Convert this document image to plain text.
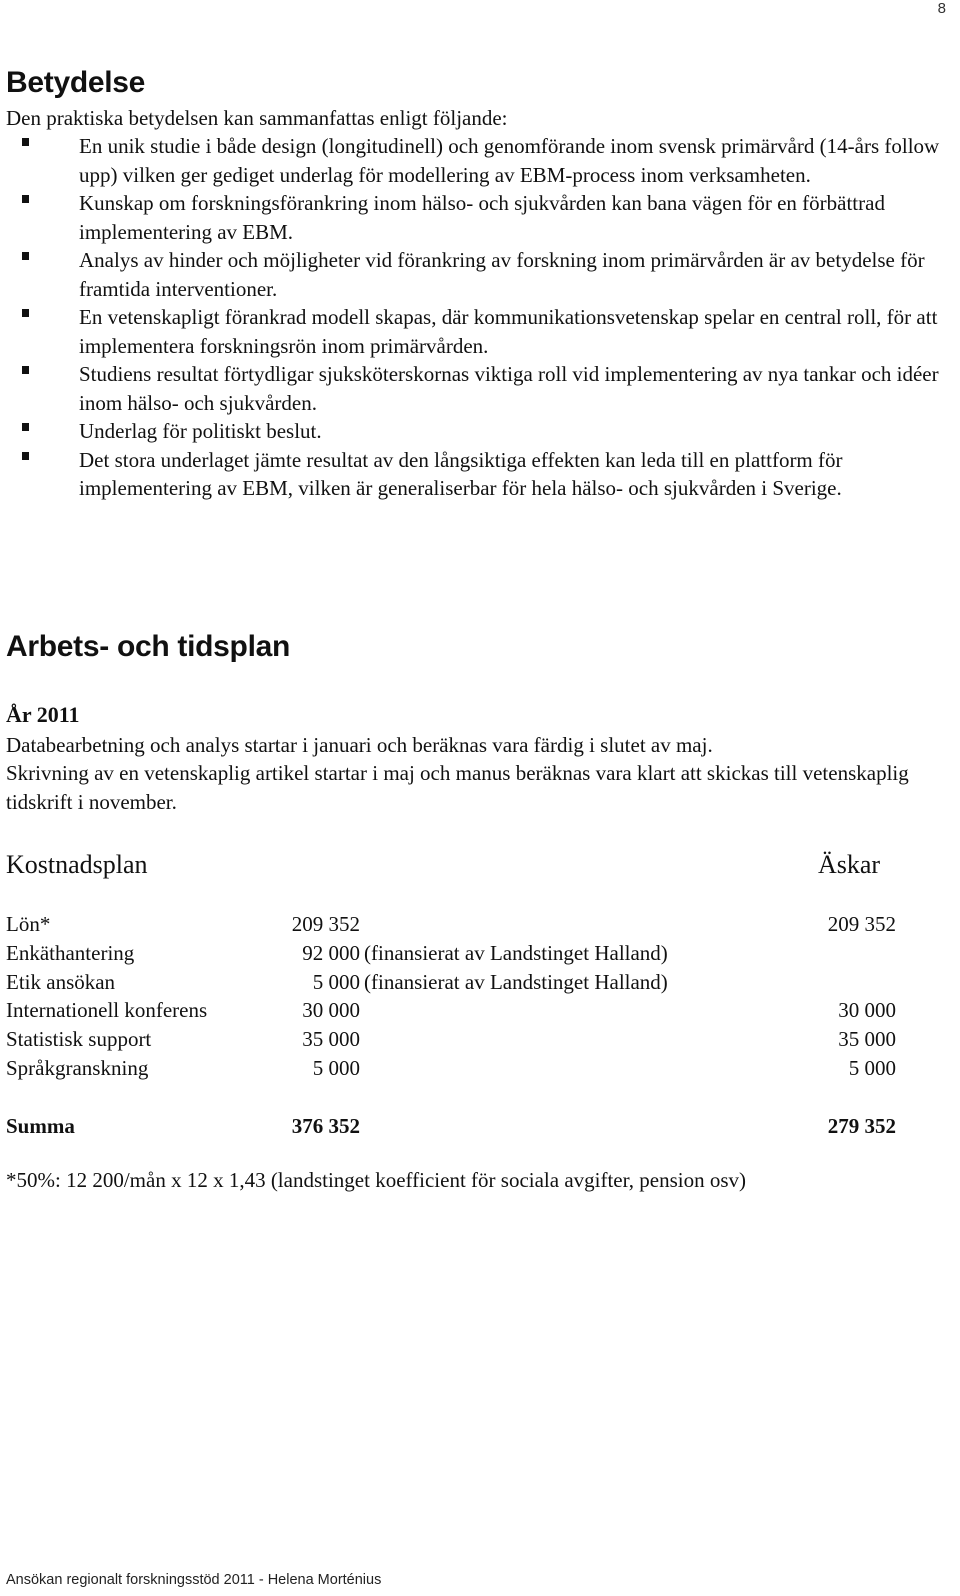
8
Betydelse

Den praktiska betydelsen kan sammanfattas enligt följande:

En unik studie i både design (longitudinell) och genomförande inom svensk primärvård (14-års follow upp) vilken ger gediget underlag för modellering av EBM-process inom verksamheten.
Kunskap om forskningsförankring inom hälso- och sjukvården kan bana vägen för en förbättrad implementering av EBM.
Analys av hinder och möjligheter vid förankring av forskning inom primärvården är av betydelse för framtida interventioner.
En vetenskapligt förankrad modell skapas, där kommunikationsvetenskap spelar en central roll, för att implementera forskningsrön inom primärvården.
Studiens resultat förtydligar sjuksköterskornas viktiga roll vid implementering av nya tankar och idéer inom hälso- och sjukvården.
Underlag för politiskt beslut.
Det stora underlaget jämte resultat av den långsiktiga effekten kan leda till en plattform för implementering av EBM, vilken är generaliserbar för hela hälso- och sjukvården i Sverige.
Arbets- och tidsplan
År 2011

Databearbetning och analys startar i januari och beräknas vara färdig i slutet av maj.

Skrivning av en vetenskaplig artikel startar i maj och manus beräknas vara klart att skickas till vetenskaplig tidskrift i november.

Kostnadsplan	Äskar
Lön*	209 352	209 352
Enkäthantering	92 000 (finansierat av Landstinget Halland)
Etik ansökan	5 000 (finansierat av Landstinget Halland)
Internationell konferens	30 000	30 000
Statistisk support	35 000	35 000
Språkgranskning	5 000	5 000
Summa	376 352	279 352
*50%: 12 200/mån x 12 x 1,43 (landstinget koefficient för sociala avgifter, pension osv)
Ansökan regionalt forskningsstöd 2011 - Helena Morténius
